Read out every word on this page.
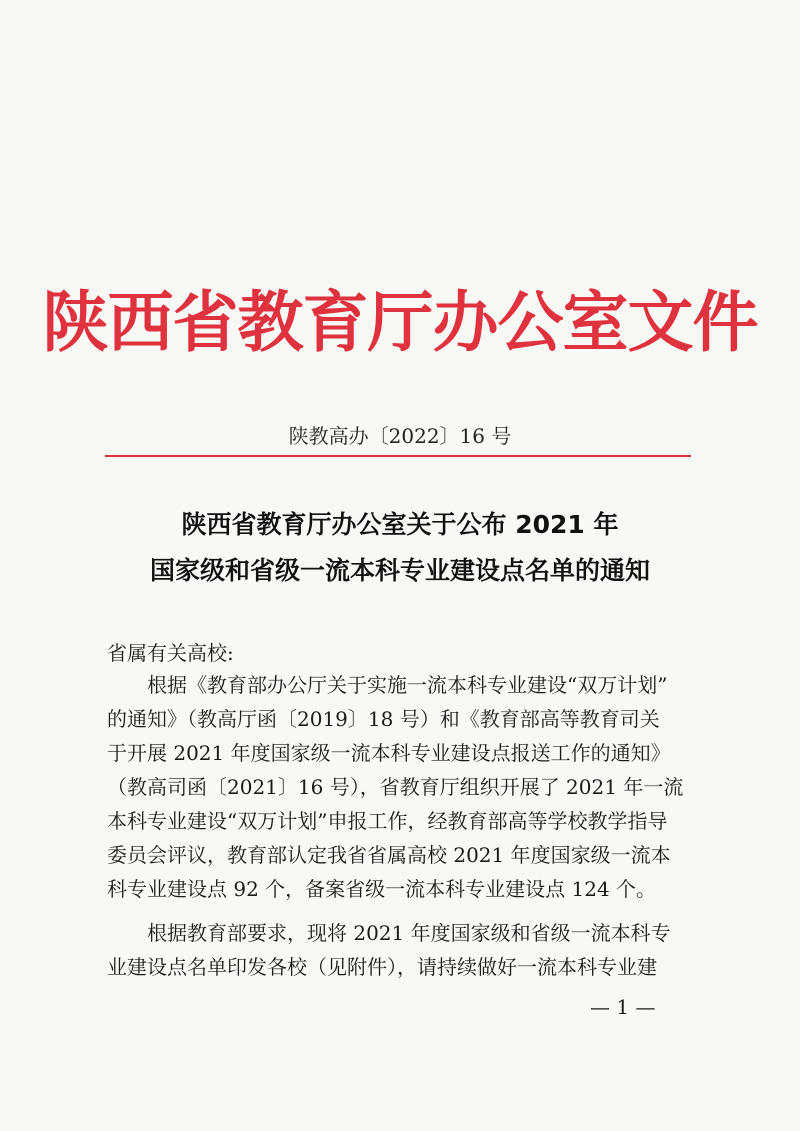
陕西省教育厅办公室文件
陕教高办〔2022〕16 号
陕西省教育厅办公室关于公布 2021 年
国家级和省级一流本科专业建设点名单的通知
省属有关高校:
　　根据《教育部办公厅关于实施一流本科专业建设“双万计划”
的通知》（教高厅函〔2019〕18 号）和《教育部高等教育司关
于开展 2021 年度国家级一流本科专业建设点报送工作的通知》
（教高司函〔2021〕16 号），省教育厅组织开展了 2021 年一流
本科专业建设“双万计划”申报工作，经教育部高等学校教学指导
委员会评议，教育部认定我省省属高校 2021 年度国家级一流本
科专业建设点 92 个，备案省级一流本科专业建设点 124 个。
　　根据教育部要求，现将 2021 年度国家级和省级一流本科专
业建设点名单印发各校（见附件），请持续做好一流本科专业建
— 1 —
